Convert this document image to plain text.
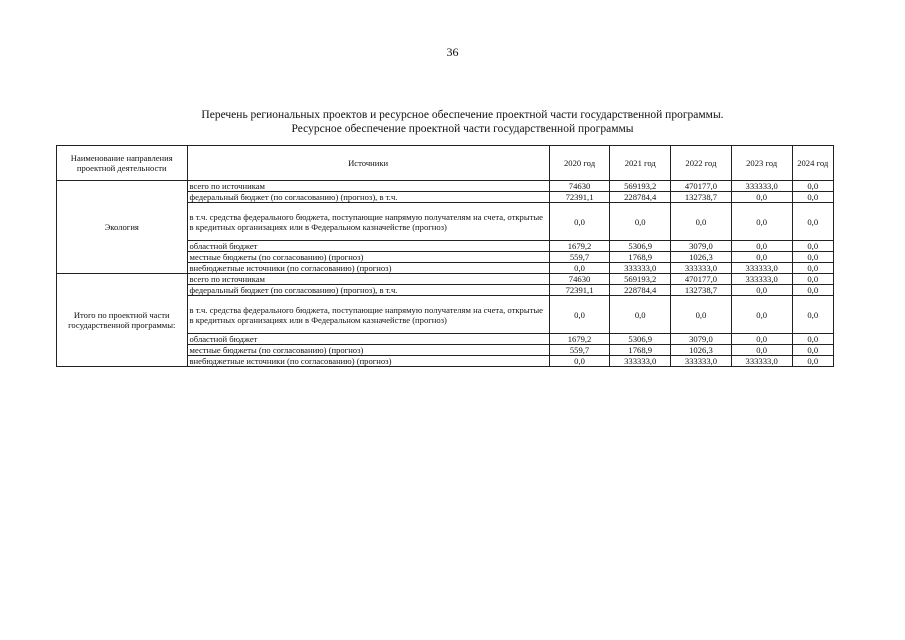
36
Перечень региональных проектов и ресурсное обеспечение проектной части государственной программы.
Ресурсное обеспечение проектной части государственной программы
Наименование направления проектной деятельности	Источники	2020 год	2021 год	2022 год	2023 год	2024 год
Экология	всего по источникам	74630	569193,2	470177,0	333333,0	0,0
	федеральный бюджет (по согласованию) (прогноз), в т.ч.	72391,1	228784,4	132738,7	0,0	0,0
	в т.ч. средства федерального бюджета, поступающие напрямую получателям на счета, открытые в кредитных организациях или в Федеральном казначействе (прогноз)	0,0	0,0	0,0	0,0	0,0
	областной бюджет	1679,2	5306,9	3079,0	0,0	0,0
	местные бюджеты (по согласованию) (прогноз)	559,7	1768,9	1026,3	0,0	0,0
	внебюджетные источники (по согласованию) (прогноз)	0,0	333333,0	333333,0	333333,0	0,0
Итого по проектной части государственной программы:	всего по источникам	74630	569193,2	470177,0	333333,0	0,0
	федеральный бюджет (по согласованию) (прогноз), в т.ч.	72391,1	228784,4	132738,7	0,0	0,0
	в т.ч. средства федерального бюджета, поступающие напрямую получателям на счета, открытые в кредитных организациях или в Федеральном казначействе (прогноз)	0,0	0,0	0,0	0,0	0,0
	областной бюджет	1679,2	5306,9	3079,0	0,0	0,0
	местные бюджеты (по согласованию) (прогноз)	559,7	1768,9	1026,3	0,0	0,0
	внебюджетные источники (по согласованию) (прогноз)	0,0	333333,0	333333,0	333333,0	0,0
